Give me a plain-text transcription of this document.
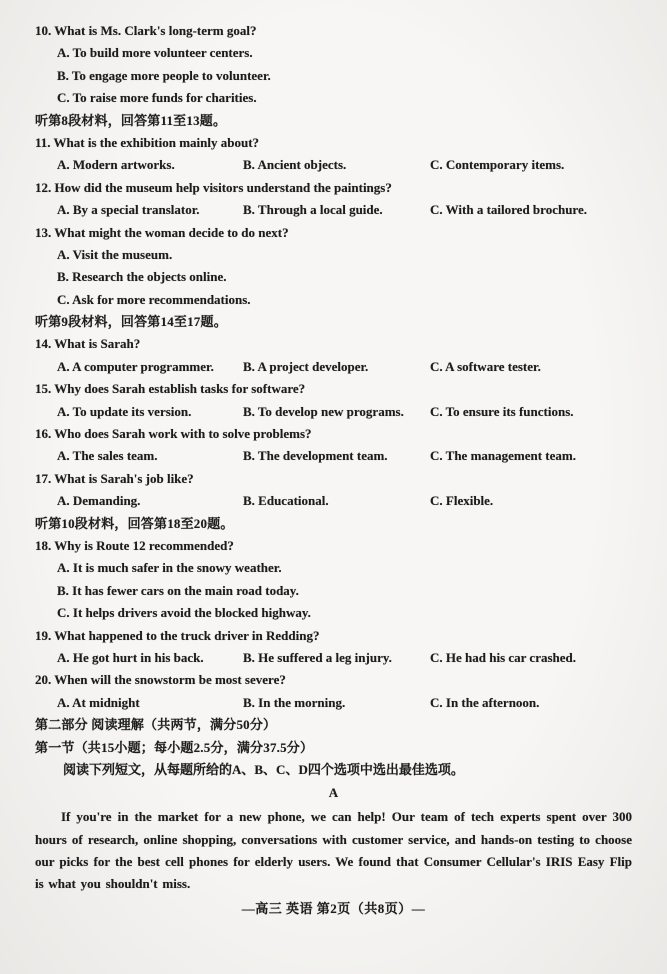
10. What is Ms. Clark's long-term goal?
A. To build more volunteer centers.
B. To engage more people to volunteer.
C. To raise more funds for charities.
听第8段材料，回答第11至13题。
11. What is the exhibition mainly about?
A. Modern artworks.	B. Ancient objects.	C. Contemporary items.
12. How did the museum help visitors understand the paintings?
A. By a special translator.	B. Through a local guide.	C. With a tailored brochure.
13. What might the woman decide to do next?
A. Visit the museum.
B. Research the objects online.
C. Ask for more recommendations.
听第9段材料，回答第14至17题。
14. What is Sarah?
A. A computer programmer.	B. A project developer.	C. A software tester.
15. Why does Sarah establish tasks for software?
A. To update its version.	B. To develop new programs.	C. To ensure its functions.
16. Who does Sarah work with to solve problems?
A. The sales team.	B. The development team.	C. The management team.
17. What is Sarah's job like?
A. Demanding.	B. Educational.	C. Flexible.
听第10段材料，回答第18至20题。
18. Why is Route 12 recommended?
A. It is much safer in the snowy weather.
B. It has fewer cars on the main road today.
C. It helps drivers avoid the blocked highway.
19. What happened to the truck driver in Redding?
A. He got hurt in his back.	B. He suffered a leg injury.	C. He had his car crashed.
20. When will the snowstorm be most severe?
A. At midnight	B. In the morning.	C. In the afternoon.
第二部分 阅读理解（共两节，满分50分）
第一节（共15小题；每小题2.5分，满分37.5分）
阅读下列短文，从每题所给的A、B、C、D四个选项中选出最佳选项。
A
If you're in the market for a new phone, we can help! Our team of tech experts spent over 300 hours of research, online shopping, conversations with customer service, and hands-on testing to choose our picks for the best cell phones for elderly users. We found that Consumer Cellular's IRIS Easy Flip is what you shouldn't miss.
—高三 英语 第2页（共8页）—
